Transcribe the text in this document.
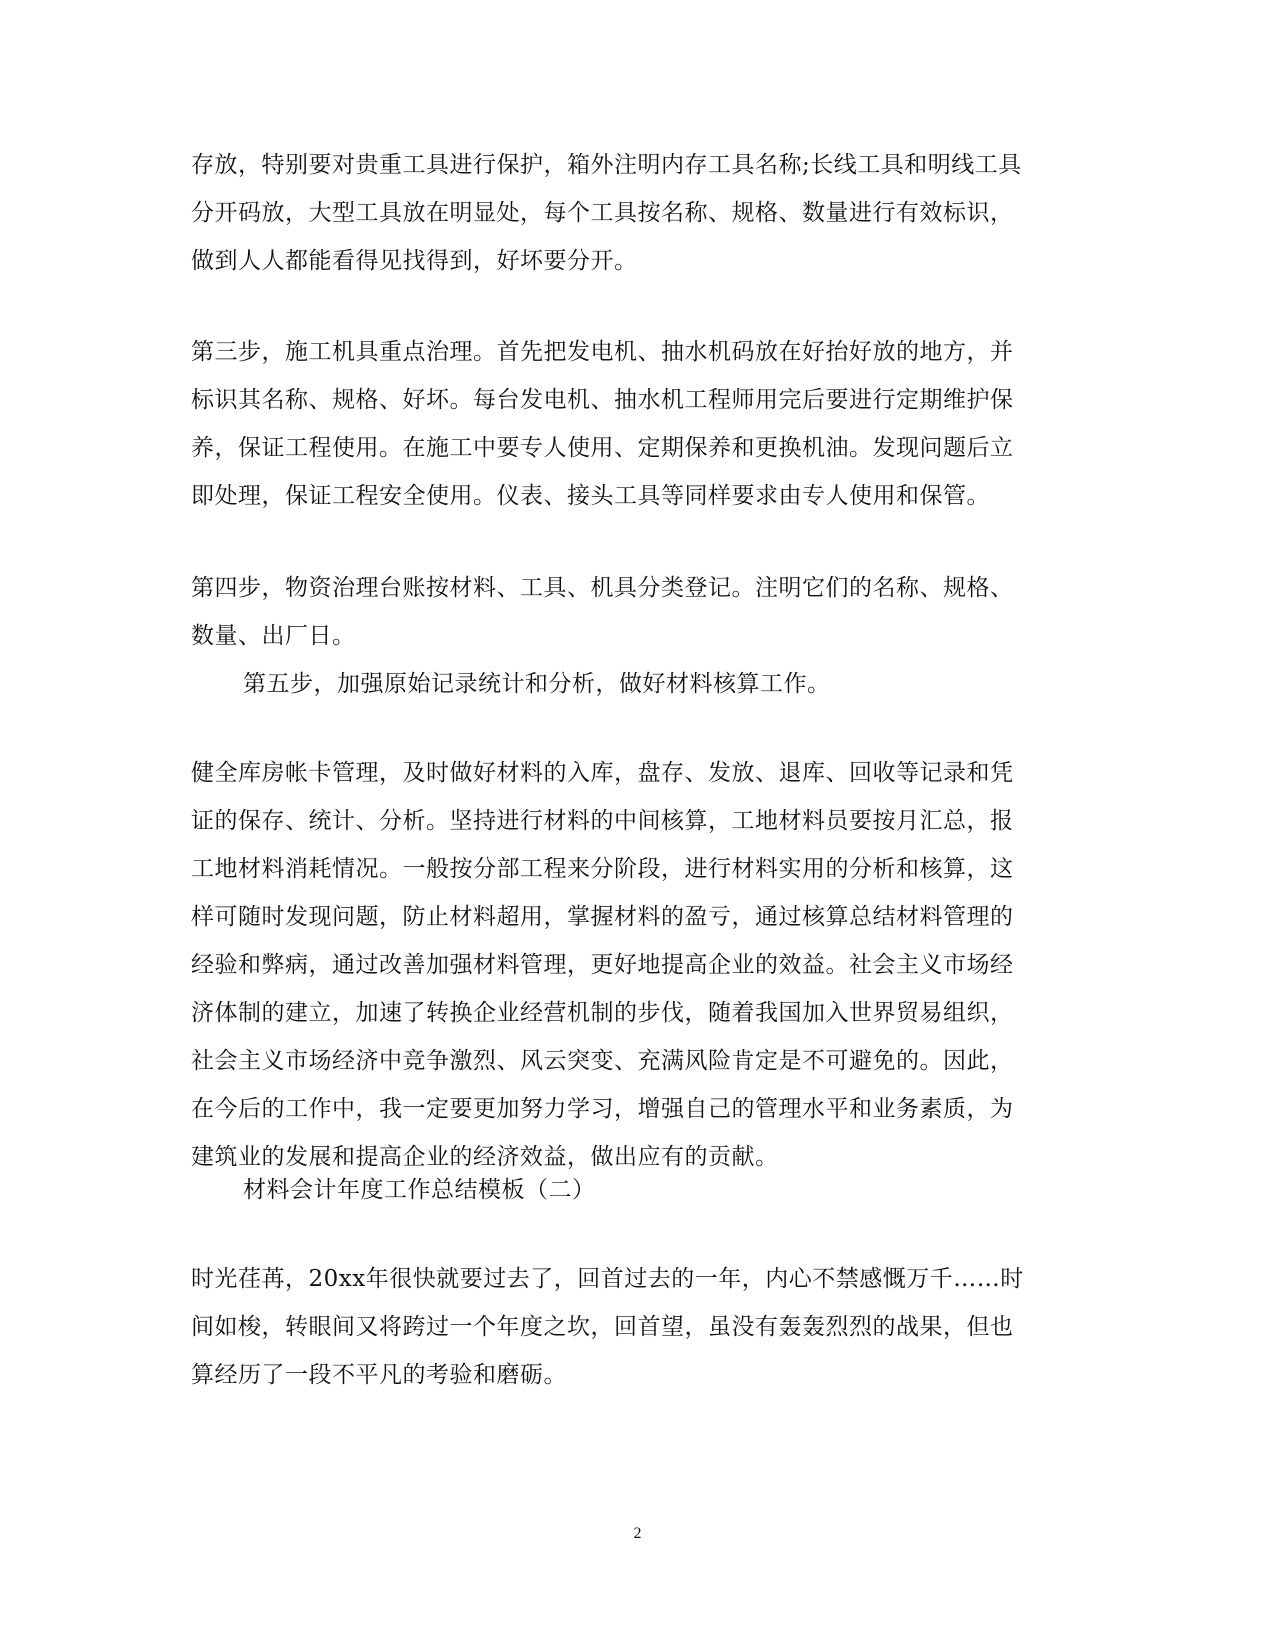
存放，特别要对贵重工具进行保护，箱外注明内存工具名称;长线工具和明线工具
分开码放，大型工具放在明显处，每个工具按名称、规格、数量进行有效标识，
做到人人都能看得见找得到，好坏要分开。
第三步，施工机具重点治理。首先把发电机、抽水机码放在好抬好放的地方，并
标识其名称、规格、好坏。每台发电机、抽水机工程师用完后要进行定期维护保
养，保证工程使用。在施工中要专人使用、定期保养和更换机油。发现问题后立
即处理，保证工程安全使用。仪表、接头工具等同样要求由专人使用和保管。
第四步，物资治理台账按材料、工具、机具分类登记。注明它们的名称、规格、
数量、出厂日。
第五步，加强原始记录统计和分析，做好材料核算工作。
健全库房帐卡管理，及时做好材料的入库，盘存、发放、退库、回收等记录和凭
证的保存、统计、分析。坚持进行材料的中间核算，工地材料员要按月汇总，报
工地材料消耗情况。一般按分部工程来分阶段，进行材料实用的分析和核算，这
样可随时发现问题，防止材料超用，掌握材料的盈亏，通过核算总结材料管理的
经验和弊病，通过改善加强材料管理，更好地提高企业的效益。社会主义市场经
济体制的建立，加速了转换企业经营机制的步伐，随着我国加入世界贸易组织，
社会主义市场经济中竞争激烈、风云突变、充满风险肯定是不可避免的。因此，
在今后的工作中，我一定要更加努力学习，增强自己的管理水平和业务素质，为
建筑业的发展和提高企业的经济效益，做出应有的贡献。
材料会计年度工作总结模板（二）
时光荏苒，20xx年很快就要过去了，回首过去的一年，内心不禁感慨万千……时
间如梭，转眼间又将跨过一个年度之坎，回首望，虽没有轰轰烈烈的战果，但也
算经历了一段不平凡的考验和磨砺。
2
